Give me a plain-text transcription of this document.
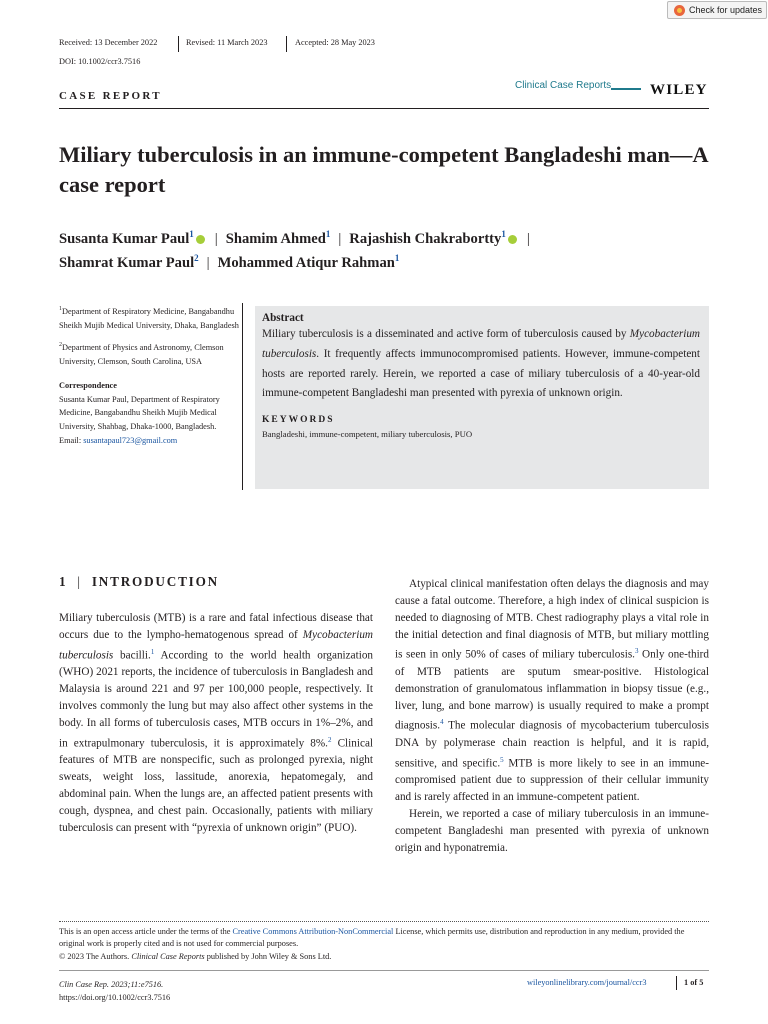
Check for updates
Received: 13 December 2022	Revised: 11 March 2023	Accepted: 28 May 2023
DOI: 10.1002/ccr3.7516
CASE REPORT
Clinical Case Reports	WILEY
Miliary tuberculosis in an immune-competent Bangladeshi man—A case report
Susanta Kumar Paul$^1$ | Shamim Ahmed$^1$ | Rajashish Chakrabortty$^1$ |
Shamrat Kumar Paul$^2$ | Mohammed Atiqur Rahman$^1$

$^1$Department of Respiratory Medicine, Bangabandhu Sheikh Mujib Medical University, Dhaka, Bangladesh

$^2$Department of Physics and Astronomy, Clemson University, Clemson, South Carolina, USA

Correspondence
Susanta Kumar Paul, Department of Respiratory Medicine, Bangabandhu Sheikh Mujib Medical University, Shahbag, Dhaka-1000, Bangladesh.
Email: susantapaul723@gmail.com
Abstract
Miliary tuberculosis is a disseminated and active form of tuberculosis caused by Mycobacterium tuberculosis. It frequently affects immunocompromised patients. However, immune-competent hosts are reported rarely. Herein, we reported a case of miliary tuberculosis of a 40-year-old immune-competent Bangladeshi man presented with pyrexia of unknown origin.
KEYWORDS
Bangladeshi, immune-competent, miliary tuberculosis, PUO
1 | INTRODUCTION

Miliary tuberculosis (MTB) is a rare and fatal infectious disease that occurs due to the lympho-hematogenous spread of Mycobacterium tuberculosis bacilli.$^1$ According to the world health organization (WHO) 2021 reports, the incidence of tuberculosis in Bangladesh and Malaysia is around 221 and 97 per 100,000 people, respectively. It involves commonly the lung but may also affect other systems in the body. In all forms of tuberculosis cases, MTB occurs in 1%–2%, and in extrapulmonary tuberculosis, it is approximately 8%.$^2$ Clinical features of MTB are nonspecific, such as prolonged pyrexia, night sweats, weight loss, lassitude, anorexia, hepatomegaly, and abdominal pain. When the lungs are, an affected patient presents with cough, dyspnea, and chest pain. Occasionally, patients with miliary tuberculosis can present with “pyrexia of unknown origin” (PUO).

Atypical clinical manifestation often delays the diagnosis and may cause a fatal outcome. Therefore, a high index of clinical suspicion is needed to diagnosing of MTB. Chest radiography plays a vital role in the initial detection and final diagnosis of MTB, but miliary mottling is seen in only 50% of cases of miliary tuberculosis.$^3$ Only one-third of MTB patients are sputum smear-positive. Histological demonstration of granulomatous inflammation in biopsy tissue (e.g., liver, lung, and bone marrow) is usually required to make a prompt diagnosis.$^4$ The molecular diagnosis of mycobacterium tuberculosis DNA by polymerase chain reaction is helpful, and it is rapid, sensitive, and specific.$^5$ MTB is more likely to see in an immune-compromised patient due to suppression of their cellular immunity and is rarely affected in an immune-competent patient.

Herein, we reported a case of miliary tuberculosis in an immune-competent Bangladeshi man presented with pyrexia of unknown origin and hyponatremia.

This is an open access article under the terms of the Creative Commons Attribution-NonCommercial License, which permits use, distribution and reproduction in any medium, provided the original work is properly cited and is not used for commercial purposes.
© 2023 The Authors. Clinical Case Reports published by John Wiley & Sons Ltd.
Clin Case Rep. 2023;11:e7516.
https://doi.org/10.1002/ccr3.7516
wileyonlinelibrary.com/journal/ccr3	1 of 5
